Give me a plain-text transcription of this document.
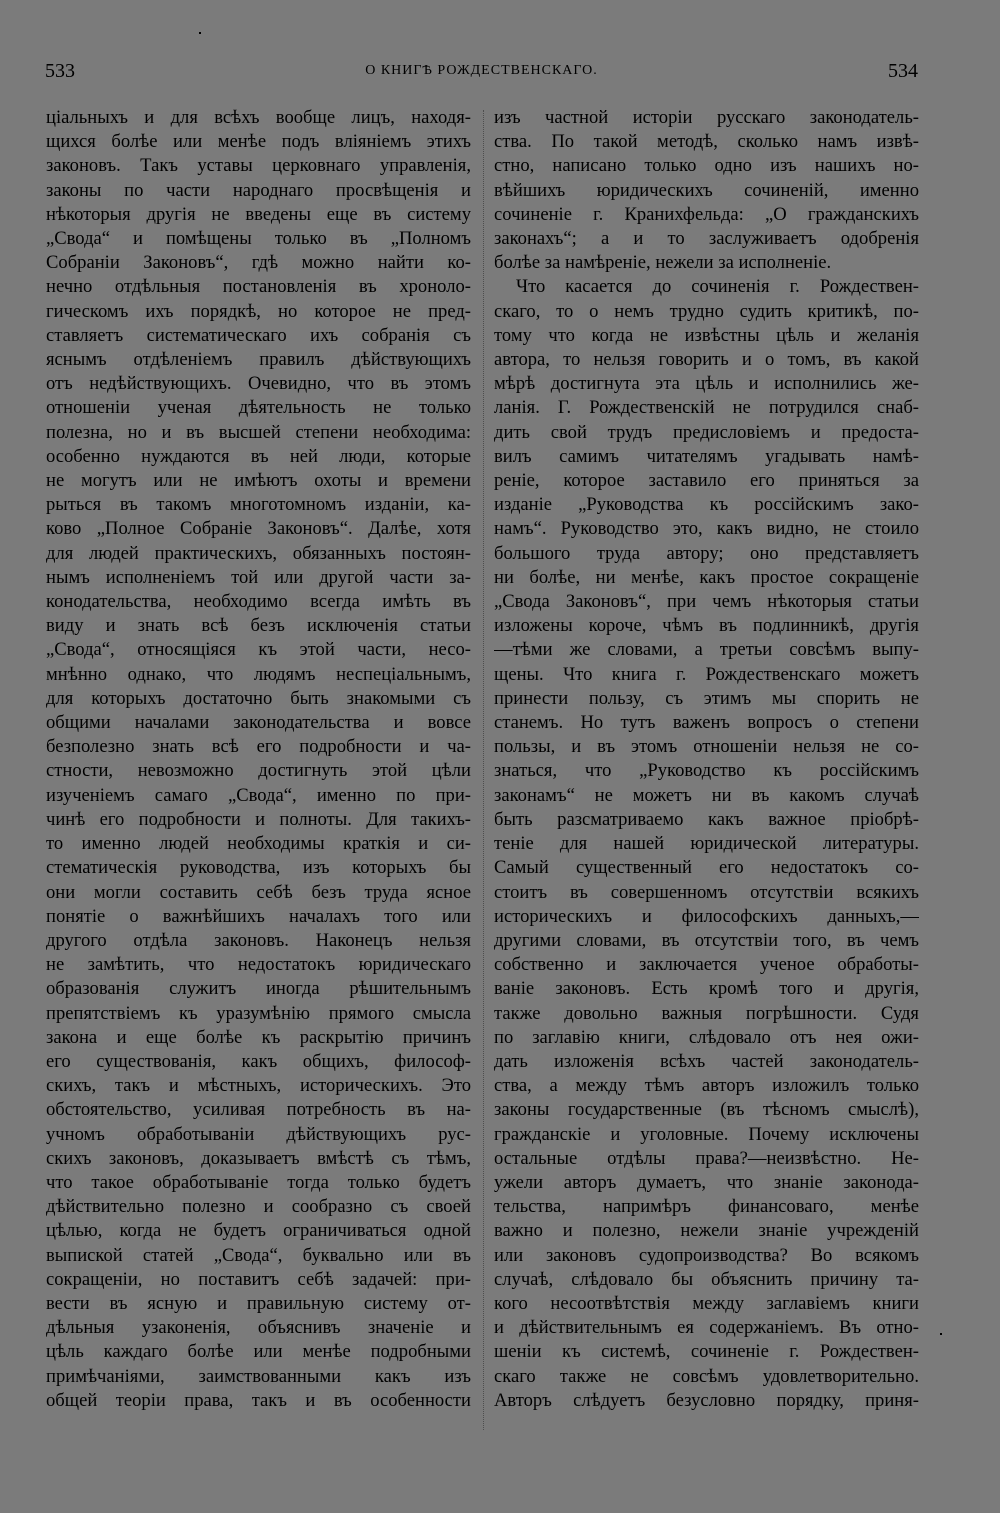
533	О КНИГѢ РОЖДЕСТВЕНСКАГО.	534
ціальныхъ и для всѣхъ вообще лицъ, находя-
щихся болѣе или менѣе подъ вліяніемъ этихъ
законовъ. Такъ уставы церковнаго управленія,
законы по части народнаго просвѣщенія и
нѣкоторыя другія не введены еще въ систему
„Свода“ и помѣщены только въ „Полномъ
Собраніи Законовъ“, гдѣ можно найти ко-
нечно отдѣльныя постановленія въ хроноло-
гическомъ ихъ порядкѣ, но которое не пред-
ставляетъ систематическаго ихъ собранія съ
яснымъ отдѣленіемъ правилъ дѣйствующихъ
отъ недѣйствующихъ. Очевидно, что въ этомъ
отношеніи ученая дѣятельность не только
полезна, но и въ высшей степени необходима:
особенно нуждаются въ ней люди, которые
не могутъ или не имѣютъ охоты и времени
рыться въ такомъ многотомномъ изданіи, ка-
ково „Полное Собраніе Законовъ“. Далѣе, хотя
для людей практическихъ, обязанныхъ постоян-
нымъ исполненіемъ той или другой части за-
конодательства, необходимо всегда имѣть въ
виду и знать всѣ безъ исключенія статьи
„Свода“, относящіяся къ этой части, несо-
мнѣнно однако, что людямъ неспеціальнымъ,
для которыхъ достаточно быть знакомыми съ
общими началами законодательства и вовсе
безполезно знать всѣ его подробности и ча-
стности, невозможно достигнуть этой цѣли
изученіемъ самаго „Свода“, именно по при-
чинѣ его подробности и полноты. Для такихъ-
то именно людей необходимы краткія и си-
стематическія руководства, изъ которыхъ бы
они могли составить себѣ безъ труда ясное
понятіе о важнѣйшихъ началахъ того или
другого отдѣла законовъ. Наконецъ нельзя
не замѣтить, что недостатокъ юридическаго
образованія служитъ иногда рѣшительнымъ
препятствіемъ къ уразумѣнію прямого смысла
закона и еще болѣе къ раскрытію причинъ
его существованія, какъ общихъ, философ-
скихъ, такъ и мѣстныхъ, историческихъ. Это
обстоятельство, усиливая потребность въ на-
учномъ обработываніи дѣйствующихъ рус-
скихъ законовъ, доказываетъ вмѣстѣ съ тѣмъ,
что такое обработываніе тогда только будетъ
дѣйствительно полезно и сообразно съ своей
цѣлью, когда не будетъ ограничиваться одной
выпиской статей „Свода“, буквально или въ
сокращеніи, но поставитъ себѣ задачей: при-
вести въ ясную и правильную систему от-
дѣльныя узаконенія, объяснивъ значеніе и
цѣль каждаго болѣе или менѣе подробными
примѣчаніями, заимствованными какъ изъ
общей теоріи права, такъ и въ особенности
изъ частной исторіи русскаго законодатель-
ства. По такой методѣ, сколько намъ извѣ-
стно, написано только одно изъ нашихъ но-
вѣйшихъ юридическихъ сочиненій, именно
сочиненіе г. Кранихфельда: „О гражданскихъ
законахъ“; а и то заслуживаетъ одобренія
болѣе за намѣреніе, нежели за исполненіе.
Что касается до сочиненія г. Рождествен-
скаго, то о немъ трудно судить критикѣ, по-
тому что когда не извѣстны цѣль и желанія
автора, то нельзя говорить и о томъ, въ какой
мѣрѣ достигнута эта цѣль и исполнились же-
ланія. Г. Рождественскій не потрудился снаб-
дить свой трудъ предисловіемъ и предоста-
вилъ самимъ читателямъ угадывать намѣ-
реніе, которое заставило его приняться за
изданіе „Руководства къ россійскимъ зако-
намъ“. Руководство это, какъ видно, не стоило
большого труда автору; оно представляетъ
ни болѣе, ни менѣе, какъ простое сокращеніе
„Свода Законовъ“, при чемъ нѣкоторыя статьи
изложены короче, чѣмъ въ подлинникѣ, другія
—тѣми же словами, а третьи совсѣмъ выпу-
щены. Что книга г. Рождественскаго можетъ
принести пользу, съ этимъ мы спорить не
станемъ. Но тутъ важенъ вопросъ о степени
пользы, и въ этомъ отношеніи нельзя не со-
знаться, что „Руководство къ россійскимъ
законамъ“ не можетъ ни въ какомъ случаѣ
быть разсматриваемо какъ важное пріобрѣ-
теніе для нашей юридической литературы.
Самый существенный его недостатокъ со-
стоитъ въ совершенномъ отсутствіи всякихъ
историческихъ и философскихъ данныхъ,—
другими словами, въ отсутствіи того, въ чемъ
собственно и заключается ученое обработы-
ваніе законовъ. Есть кромѣ того и другія,
также довольно важныя погрѣшности. Судя
по заглавію книги, слѣдовало отъ нея ожи-
дать изложенія всѣхъ частей законодатель-
ства, а между тѣмъ авторъ изложилъ только
законы государственные (въ тѣсномъ смыслѣ),
гражданскіе и уголовные. Почему исключены
остальные отдѣлы права?—неизвѣстно. Не-
ужели авторъ думаетъ, что знаніе законода-
тельства, напримѣръ финансоваго, менѣе
важно и полезно, нежели знаніе учрежденій
или законовъ судопроизводства? Во всякомъ
случаѣ, слѣдовало бы объяснить причину та-
кого несоотвѣтствія между заглавіемъ книги
и дѣйствительнымъ ея содержаніемъ. Въ отно-
шеніи къ системѣ, сочиненіе г. Рождествен-
скаго также не совсѣмъ удовлетворительно.
Авторъ слѣдуетъ безусловно порядку, приня-
